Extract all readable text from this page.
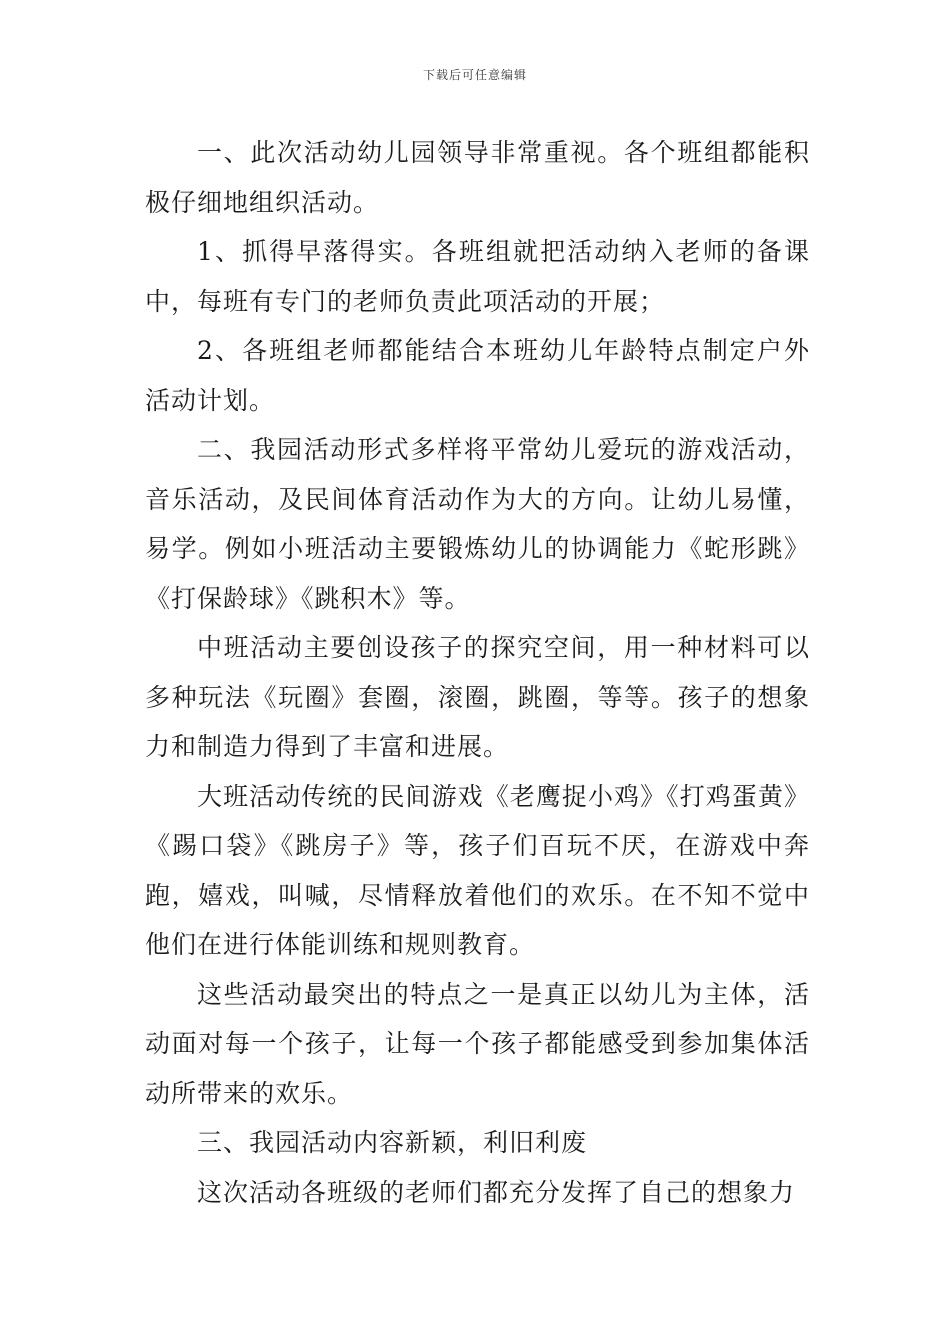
下载后可任意编辑

一、此次活动幼儿园领导非常重视。各个班组都能积极仔细地组织活动。

1、抓得早落得实。各班组就把活动纳入老师的备课中，每班有专门的老师负责此项活动的开展；

2、各班组老师都能结合本班幼儿年龄特点制定户外活动计划。

二、我园活动形式多样将平常幼儿爱玩的游戏活动，音乐活动，及民间体育活动作为大的方向。让幼儿易懂，易学。例如小班活动主要锻炼幼儿的协调能力《蛇形跳》《打保龄球》《跳积木》等。

中班活动主要创设孩子的探究空间，用一种材料可以多种玩法《玩圈》套圈，滚圈，跳圈，等等。孩子的想象力和制造力得到了丰富和进展。

大班活动传统的民间游戏《老鹰捉小鸡》《打鸡蛋黄》《踢口袋》《跳房子》等，孩子们百玩不厌，在游戏中奔跑，嬉戏，叫喊，尽情释放着他们的欢乐。在不知不觉中他们在进行体能训练和规则教育。

这些活动最突出的特点之一是真正以幼儿为主体，活动面对每一个孩子，让每一个孩子都能感受到参加集体活动所带来的欢乐。

三、我园活动内容新颖，利旧利废

这次活动各班级的老师们都充分发挥了自己的想象力
